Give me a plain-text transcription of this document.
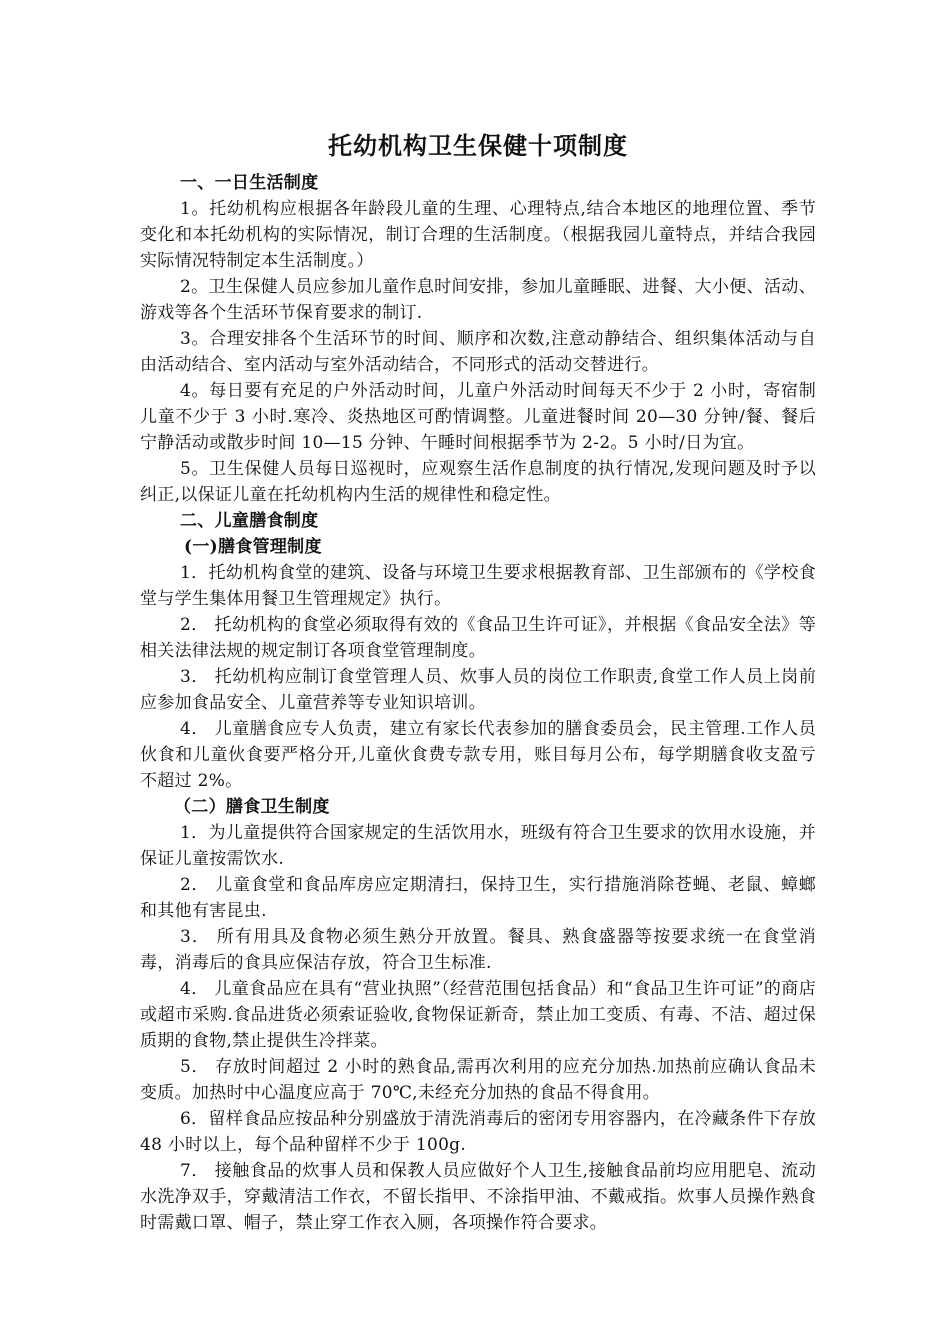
托幼机构卫生保健十项制度
一、一日生活制度

1。托幼机构应根据各年龄段儿童的生理、心理特点,结合本地区的地理位置、季节变化和本托幼机构的实际情况，制订合理的生活制度。（根据我园儿童特点，并结合我园实际情况特制定本生活制度。）

2。卫生保健人员应参加儿童作息时间安排，参加儿童睡眠、进餐、大小便、活动、游戏等各个生活环节保育要求的制订.

3。合理安排各个生活环节的时间、顺序和次数,注意动静结合、组织集体活动与自由活动结合、室内活动与室外活动结合，不同形式的活动交替进行。

4。每日要有充足的户外活动时间，儿童户外活动时间每天不少于 2 小时，寄宿制儿童不少于 3 小时.寒冷、炎热地区可酌情调整。儿童进餐时间 20—30 分钟/餐、餐后宁静活动或散步时间 10—15 分钟、午睡时间根据季节为 2-2。5 小时/日为宜。

5。卫生保健人员每日巡视时，应观察生活作息制度的执行情况,发现问题及时予以纠正,以保证儿童在托幼机构内生活的规律性和稳定性。

二、儿童膳食制度
(一)膳食管理制度

1．托幼机构食堂的建筑、设备与环境卫生要求根据教育部、卫生部颁布的《学校食堂与学生集体用餐卫生管理规定》执行。

2． 托幼机构的食堂必须取得有效的《食品卫生许可证》，并根据《食品安全法》等相关法律法规的规定制订各项食堂管理制度。

3． 托幼机构应制订食堂管理人员、炊事人员的岗位工作职责,食堂工作人员上岗前应参加食品安全、儿童营养等专业知识培训。

4． 儿童膳食应专人负责，建立有家长代表参加的膳食委员会，民主管理.工作人员伙食和儿童伙食要严格分开,儿童伙食费专款专用，账目每月公布，每学期膳食收支盈亏不超过 2%。

（二）膳食卫生制度

1．为儿童提供符合国家规定的生活饮用水，班级有符合卫生要求的饮用水设施，并保证儿童按需饮水.

2． 儿童食堂和食品库房应定期清扫，保持卫生，实行措施消除苍蝇、老鼠、蟑螂和其他有害昆虫.

3． 所有用具及食物必须生熟分开放置。餐具、熟食盛器等按要求统一在食堂消毒，消毒后的食具应保洁存放，符合卫生标准.

4． 儿童食品应在具有“营业执照”（经营范围包括食品）和“食品卫生许可证”的商店或超市采购.食品进货必须索证验收,食物保证新奇，禁止加工变质、有毒、不洁、超过保质期的食物,禁止提供生冷拌菜。

5． 存放时间超过 2 小时的熟食品,需再次利用的应充分加热.加热前应确认食品未变质。加热时中心温度应高于 70℃,未经充分加热的食品不得食用。

6．留样食品应按品种分别盛放于清洗消毒后的密闭专用容器内，在冷藏条件下存放 48 小时以上，每个品种留样不少于 100g.

7． 接触食品的炊事人员和保教人员应做好个人卫生,接触食品前均应用肥皂、流动水洗净双手，穿戴清洁工作衣，不留长指甲、不涂指甲油、不戴戒指。炊事人员操作熟食时需戴口罩、帽子，禁止穿工作衣入厕，各项操作符合要求。
